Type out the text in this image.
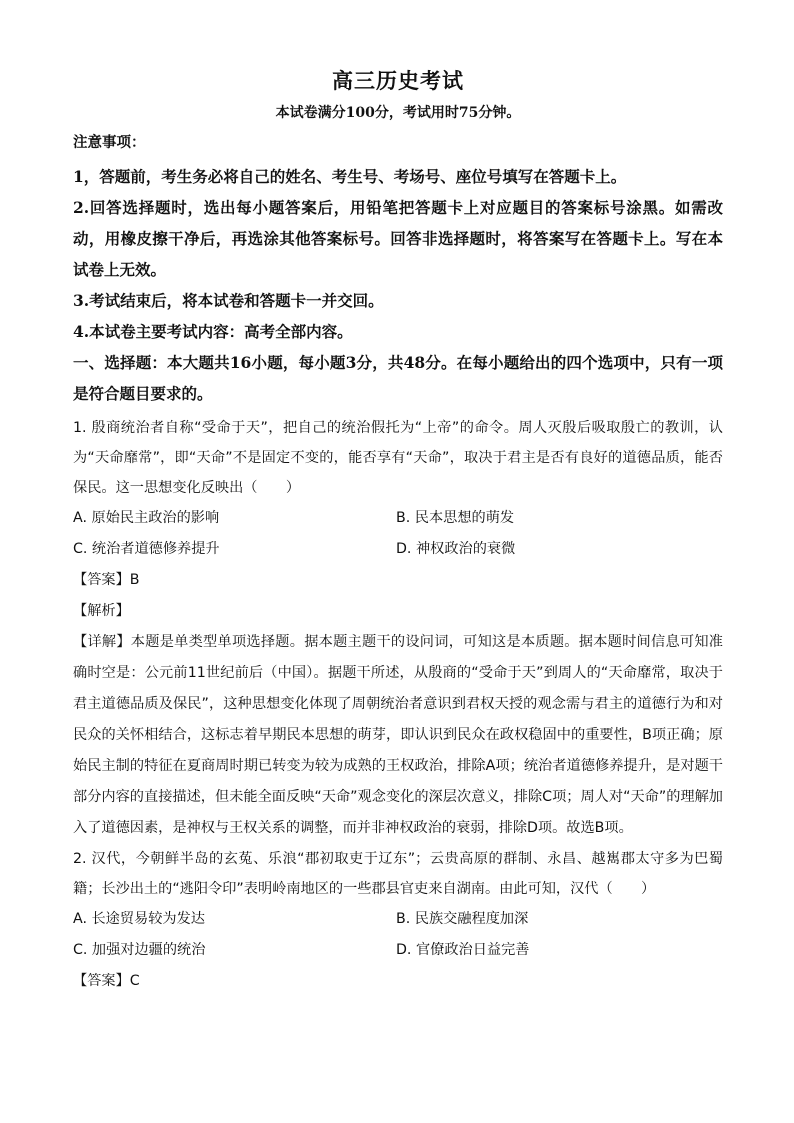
高三历史考试
本试卷满分100分，考试用时75分钟。
注意事项：

1，答题前，考生务必将自己的姓名、考生号、考场号、座位号填写在答题卡上。

2.回答选择题时，选出每小题答案后，用铅笔把答题卡上对应题目的答案标号涂黑。如需改动，用橡皮擦干净后，再选涂其他答案标号。回答非选择题时，将答案写在答题卡上。写在本试卷上无效。

3.考试结束后，将本试卷和答题卡一并交回。

4.本试卷主要考试内容：高考全部内容。

一、选择题：本大题共16小题，每小题3分，共48分。在每小题给出的四个选项中，只有一项是符合题目要求的。

1. 殷商统治者自称“受命于天”，把自己的统治假托为“上帝”的命令。周人灭殷后吸取殷亡的教训，认为“天命靡常”，即“天命”不是固定不变的，能否享有“天命”，取决于君主是否有良好的道德品质，能否保民。这一思想变化反映出（　　）

A. 原始民主政治的影响	B. 民本思想的萌发
C. 统治者道德修养提升	D. 神权政治的衰微

【答案】B

【解析】

【详解】本题是单类型单项选择题。据本题主题干的设问词，可知这是本质题。据本题时间信息可知准确时空是：公元前11世纪前后（中国）。据题干所述，从殷商的“受命于天”到周人的“天命靡常，取决于君主道德品质及保民”，这种思想变化体现了周朝统治者意识到君权天授的观念需与君主的道德行为和对民众的关怀相结合，这标志着早期民本思想的萌芽，即认识到民众在政权稳固中的重要性，B项正确；原始民主制的特征在夏商周时期已转变为较为成熟的王权政治，排除A项；统治者道德修养提升，是对题干部分内容的直接描述，但未能全面反映“天命”观念变化的深层次意义，排除C项；周人对“天命”的理解加入了道德因素，是神权与王权关系的调整，而并非神权政治的衰弱，排除D项。故选B项。

2. 汉代，今朝鲜半岛的玄菟、乐浪“郡初取吏于辽东”；云贵高原的群制、永昌、越嶲郡太守多为巴蜀籍；长沙出土的“逃阳令印”表明岭南地区的一些郡县官吏来自湖南。由此可知，汉代（　　）

A. 长途贸易较为发达	B. 民族交融程度加深
C. 加强对边疆的统治	D. 官僚政治日益完善

【答案】C
